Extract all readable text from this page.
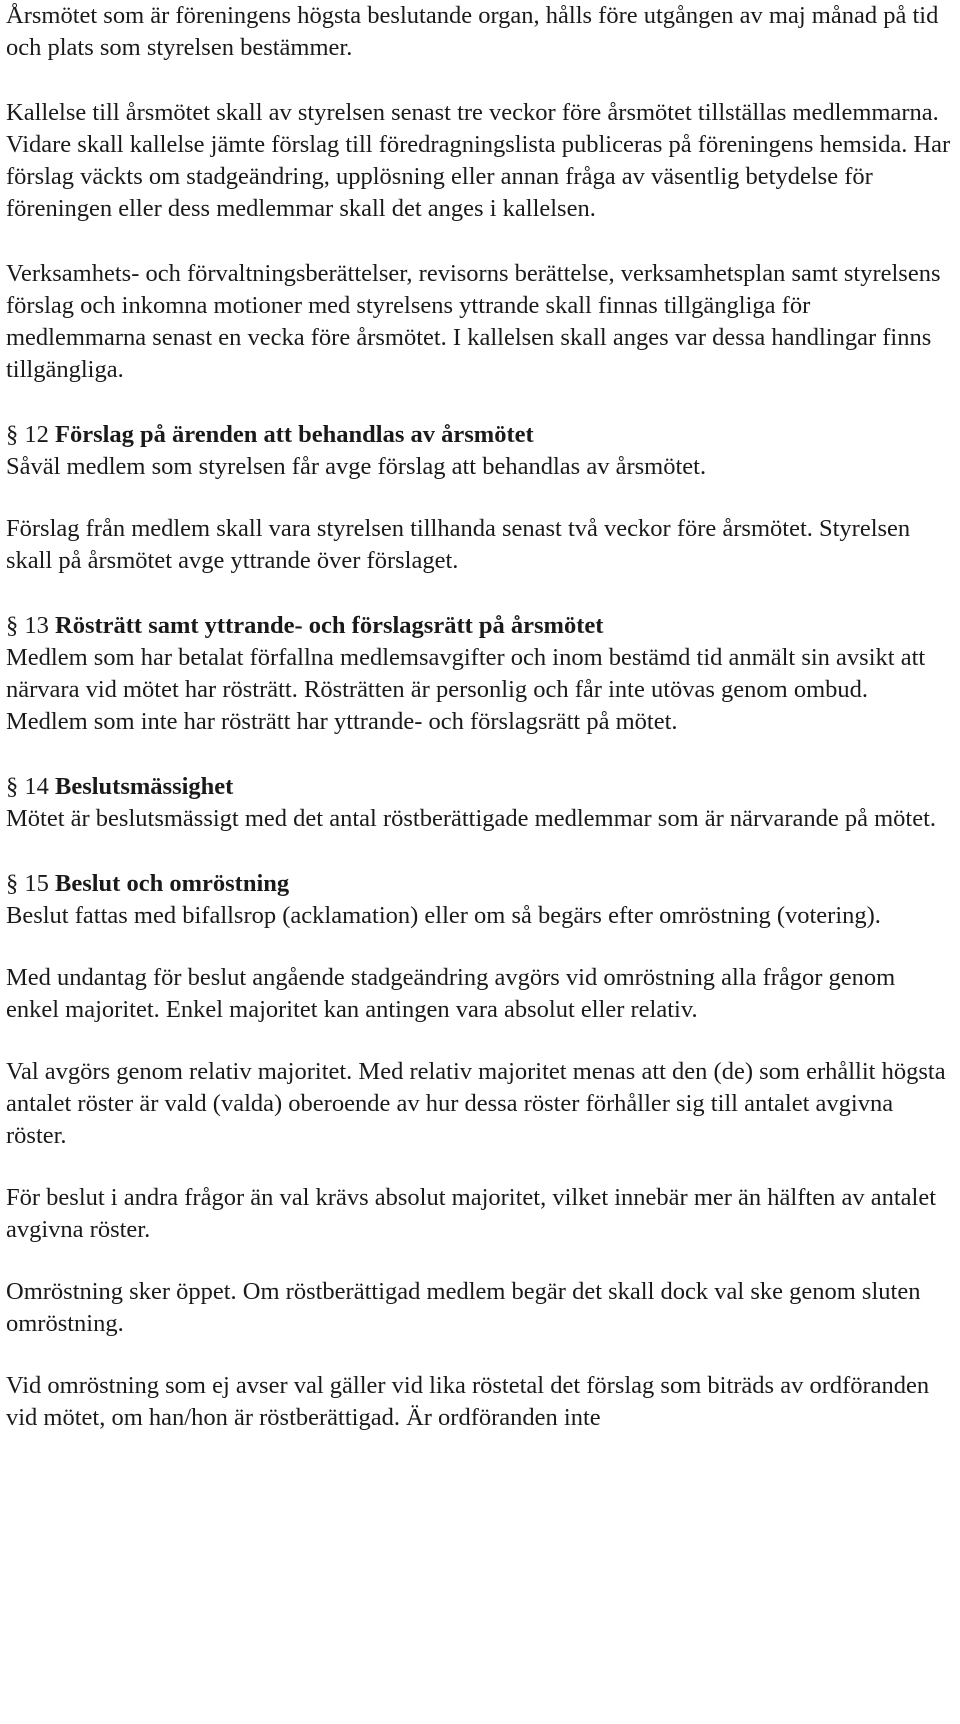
Årsmötet som är föreningens högsta beslutande organ, hålls före utgången av maj månad på tid och plats som styrelsen bestämmer.

Kallelse till årsmötet skall av styrelsen senast tre veckor före årsmötet tillställas medlemmarna. Vidare skall kallelse jämte förslag till föredragningslista publiceras på föreningens hemsida. Har förslag väckts om stadgeändring, upplösning eller annan fråga av väsentlig betydelse för föreningen eller dess medlemmar skall det anges i kallelsen.

Verksamhets- och förvaltningsberättelser, revisorns berättelse, verksamhetsplan samt styrelsens förslag och inkomna motioner med styrelsens yttrande skall finnas tillgängliga för medlemmarna senast en vecka före årsmötet. I kallelsen skall anges var dessa handlingar finns tillgängliga.

§ 12 Förslag på ärenden att behandlas av årsmötet

Såväl medlem som styrelsen får avge förslag att behandlas av årsmötet.

Förslag från medlem skall vara styrelsen tillhanda senast två veckor före årsmötet. Styrelsen skall på årsmötet avge yttrande över förslaget.

§ 13 Rösträtt samt yttrande- och förslagsrätt på årsmötet

Medlem som har betalat förfallna medlemsavgifter och inom bestämd tid anmält sin avsikt att närvara vid mötet har rösträtt. Rösträtten är personlig och får inte utövas genom ombud. Medlem som inte har rösträtt har yttrande- och förslagsrätt på mötet.

§ 14 Beslutsmässighet

Mötet är beslutsmässigt med det antal röstberättigade medlemmar som är närvarande på mötet.

§ 15 Beslut och omröstning

Beslut fattas med bifallsrop (acklamation) eller om så begärs efter omröstning (votering).

Med undantag för beslut angående stadgeändring avgörs vid omröstning alla frågor genom enkel majoritet. Enkel majoritet kan antingen vara absolut eller relativ.

Val avgörs genom relativ majoritet. Med relativ majoritet menas att den (de) som erhållit högsta antalet röster är vald (valda) oberoende av hur dessa röster förhåller sig till antalet avgivna röster.

För beslut i andra frågor än val krävs absolut majoritet, vilket innebär mer än hälften av antalet avgivna röster.

Omröstning sker öppet. Om röstberättigad medlem begär det skall dock val ske genom sluten omröstning.

Vid omröstning som ej avser val gäller vid lika röstetal det förslag som biträds av ordföranden vid mötet, om han/hon är röstberättigad. Är ordföranden inte
